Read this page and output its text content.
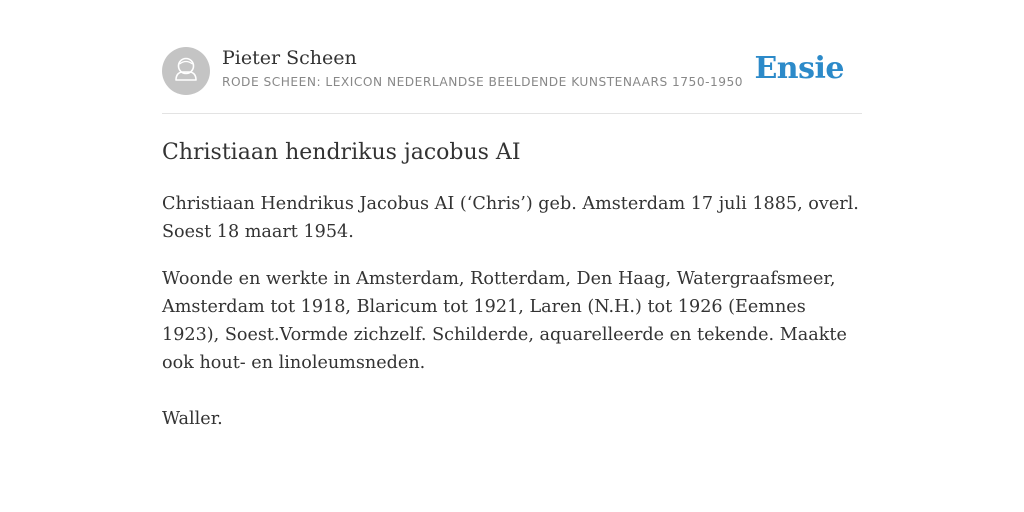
Pieter Scheen
RODE SCHEEN: LEXICON NEDERLANDSE BEELDENDE KUNSTENAARS 1750-1950 Ensie
Christiaan hendrikus jacobus AI

Christiaan Hendrikus Jacobus AI (‘Chris’) geb. Amsterdam 17 juli 1885, overl. Soest 18 maart 1954.

Woonde en werkte in Amsterdam, Rotterdam, Den Haag, Watergraafsmeer, Amsterdam tot 1918, Blaricum tot 1921, Laren (N.H.) tot 1926 (Eemnes 1923), Soest.Vormde zichzelf. Schilderde, aquarelleerde en tekende. Maakte ook hout- en linoleumsneden.

Waller.
